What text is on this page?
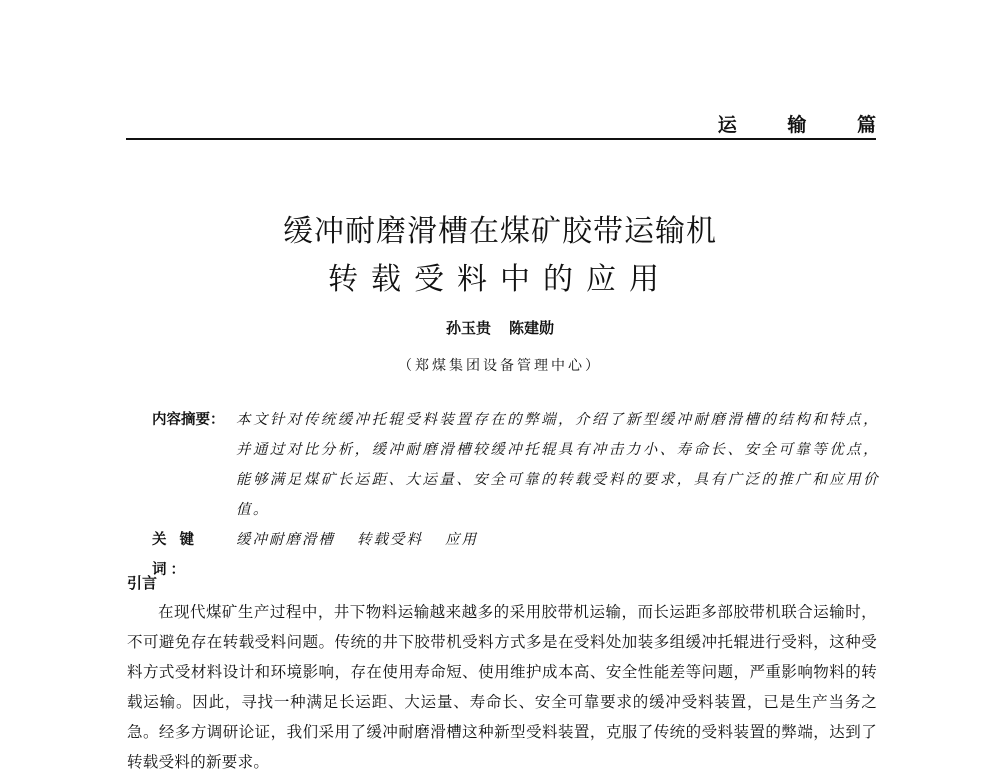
运 输 篇
缓冲耐磨滑槽在煤矿胶带运输机
转载受料中的应用
孙玉贵 陈建勋
（郑煤集团设备管理中心）
内容摘要： 本文针对传统缓冲托辊受料装置存在的弊端，介绍了新型缓冲耐磨滑槽的结构和特点，并通过对比分析，缓冲耐磨滑槽较缓冲托辊具有冲击力小、寿命长、安全可靠等优点，能够满足煤矿长运距、大运量、安全可靠的转载受料的要求，具有广泛的推广和应用价值。
关 键 词：
缓冲耐磨滑槽 转载受料 应用
引言
在现代煤矿生产过程中，井下物料运输越来越多的采用胶带机运输，而长运距多部胶带机联合运输时，不可避免存在转载受料问题。传统的井下胶带机受料方式多是在受料处加装多组缓冲托辊进行受料，这种受料方式受材料设计和环境影响，存在使用寿命短、使用维护成本高、安全性能差等问题，严重影响物料的转载运输。因此，寻找一种满足长运距、大运量、寿命长、安全可靠要求的缓冲受料装置，已是生产当务之急。经多方调研论证，我们采用了缓冲耐磨滑槽这种新型受料装置，克服了传统的受料装置的弊端，达到了转载受料的新要求。
